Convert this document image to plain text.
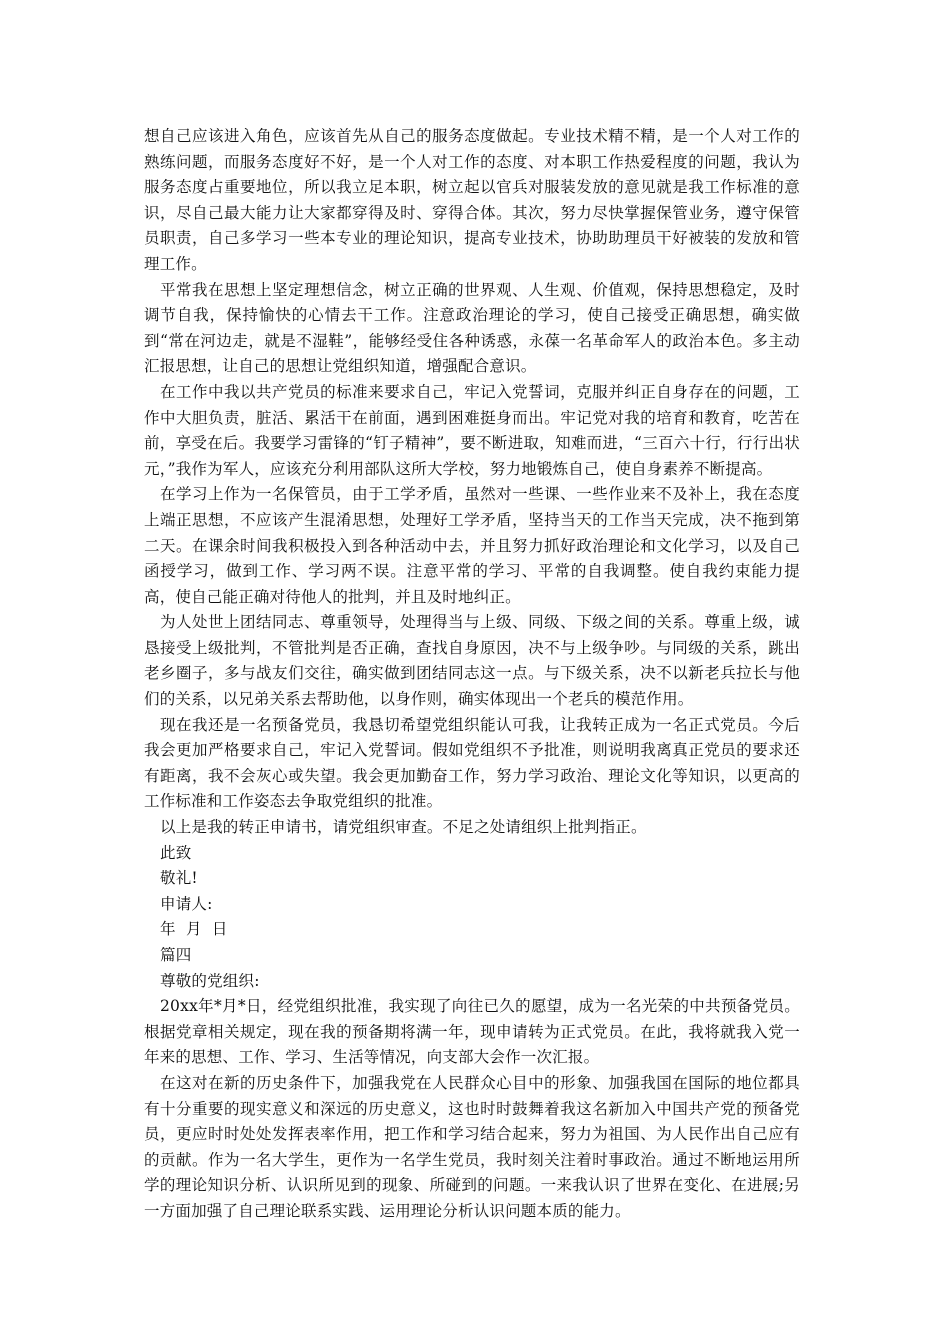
想自己应该进入角色，应该首先从自己的服务态度做起。专业技术精不精，是一个人对工作的熟练问题，而服务态度好不好，是一个人对工作的态度、对本职工作热爱程度的问题，我认为服务态度占重要地位，所以我立足本职，树立起以官兵对服装发放的意见就是我工作标准的意识，尽自己最大能力让大家都穿得及时、穿得合体。其次，努力尽快掌握保管业务，遵守保管员职责，自己多学习一些本专业的理论知识，提高专业技术，协助助理员干好被装的发放和管理工作。

平常我在思想上坚定理想信念，树立正确的世界观、人生观、价值观，保持思想稳定，及时调节自我，保持愉快的心情去干工作。注意政治理论的学习，使自己接受正确思想，确实做到“常在河边走，就是不湿鞋”，能够经受住各种诱惑，永葆一名革命军人的政治本色。多主动汇报思想，让自己的思想让党组织知道，增强配合意识。

在工作中我以共产党员的标准来要求自己，牢记入党誓词，克服并纠正自身存在的问题，工作中大胆负责，脏活、累活干在前面，遇到困难挺身而出。牢记党对我的培育和教育，吃苦在前，享受在后。我要学习雷锋的“钉子精神”，要不断进取，知难而进，“三百六十行，行行出状元，”我作为军人，应该充分利用部队这所大学校，努力地锻炼自己，使自身素养不断提高。

在学习上作为一名保管员，由于工学矛盾，虽然对一些课、一些作业来不及补上，我在态度上端正思想，不应该产生混淆思想，处理好工学矛盾，坚持当天的工作当天完成，决不拖到第二天。在课余时间我积极投入到各种活动中去，并且努力抓好政治理论和文化学习，以及自己函授学习，做到工作、学习两不误。注意平常的学习、平常的自我调整。使自我约束能力提高，使自己能正确对待他人的批判，并且及时地纠正。

为人处世上团结同志、尊重领导，处理得当与上级、同级、下级之间的关系。尊重上级，诚恳接受上级批判，不管批判是否正确，查找自身原因，决不与上级争吵。与同级的关系，跳出老乡圈子，多与战友们交往，确实做到团结同志这一点。与下级关系，决不以新老兵拉长与他们的关系，以兄弟关系去帮助他，以身作则，确实体现出一个老兵的模范作用。

现在我还是一名预备党员，我恳切希望党组织能认可我，让我转正成为一名正式党员。今后我会更加严格要求自己，牢记入党誓词。假如党组织不予批准，则说明我离真正党员的要求还有距离，我不会灰心或失望。我会更加勤奋工作，努力学习政治、理论文化等知识，以更高的工作标准和工作姿态去争取党组织的批准。

以上是我的转正申请书，请党组织审查。不足之处请组织上批判指正。

此致

敬礼!

申请人:

年  月  日

篇四

尊敬的党组织:

20xx年*月*日，经党组织批准，我实现了向往已久的愿望，成为一名光荣的中共预备党员。根据党章相关规定，现在我的预备期将满一年，现申请转为正式党员。在此，我将就我入党一年来的思想、工作、学习、生活等情况，向支部大会作一次汇报。

在这对在新的历史条件下，加强我党在人民群众心目中的形象、加强我国在国际的地位都具有十分重要的现实意义和深远的历史意义，这也时时鼓舞着我这名新加入中国共产党的预备党员，更应时时处处发挥表率作用，把工作和学习结合起来，努力为祖国、为人民作出自己应有的贡献。作为一名大学生，更作为一名学生党员，我时刻关注着时事政治。通过不断地运用所学的理论知识分析、认识所见到的现象、所碰到的问题。一来我认识了世界在变化、在进展;另一方面加强了自己理论联系实践、运用理论分析认识问题本质的能力。
